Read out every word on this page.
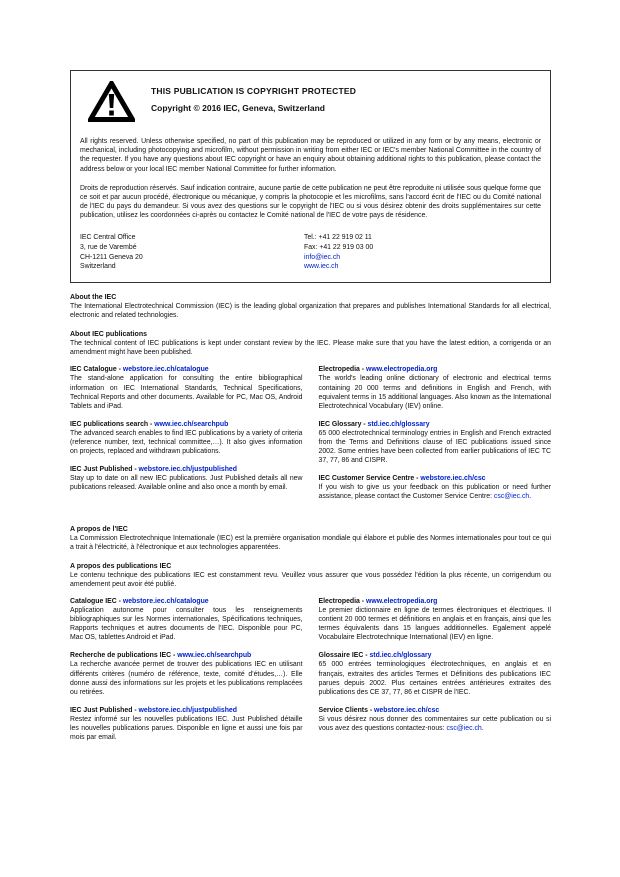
THIS PUBLICATION IS COPYRIGHT PROTECTED
Copyright © 2016 IEC, Geneva, Switzerland

All rights reserved. Unless otherwise specified, no part of this publication may be reproduced or utilized in any form or by any means, electronic or mechanical, including photocopying and microfilm, without permission in writing from either IEC or IEC's member National Committee in the country of the requester. If you have any questions about IEC copyright or have an enquiry about obtaining additional rights to this publication, please contact the address below or your local IEC member National Committee for further information.

Droits de reproduction réservés. Sauf indication contraire, aucune partie de cette publication ne peut être reproduite ni utilisée sous quelque forme que ce soit et par aucun procédé, électronique ou mécanique, y compris la photocopie et les microfilms, sans l'accord écrit de l'IEC ou du Comité national de l'IEC du pays du demandeur. Si vous avez des questions sur le copyright de l'IEC ou si vous désirez obtenir des droits supplémentaires sur cette publication, utilisez les coordonnées ci-après ou contactez le Comité national de l'IEC de votre pays de résidence.

IEC Central Office
3, rue de Varembé
CH-1211 Geneva 20
Switzerland
Tel.: +41 22 919 02 11
Fax: +41 22 919 03 00
info@iec.ch
www.iec.ch
About the IEC
The International Electrotechnical Commission (IEC) is the leading global organization that prepares and publishes International Standards for all electrical, electronic and related technologies.
About IEC publications
The technical content of IEC publications is kept under constant review by the IEC. Please make sure that you have the latest edition, a corrigenda or an amendment might have been published.
IEC Catalogue - webstore.iec.ch/catalogue
The stand-alone application for consulting the entire bibliographical information on IEC International Standards, Technical Specifications, Technical Reports and other documents. Available for PC, Mac OS, Android Tablets and iPad.
IEC publications search - www.iec.ch/searchpub
The advanced search enables to find IEC publications by a variety of criteria (reference number, text, technical committee,…). It also gives information on projects, replaced and withdrawn publications.
IEC Just Published - webstore.iec.ch/justpublished
Stay up to date on all new IEC publications. Just Published details all new publications released. Available online and also once a month by email.
Electropedia - www.electropedia.org
The world's leading online dictionary of electronic and electrical terms containing 20 000 terms and definitions in English and French, with equivalent terms in 15 additional languages. Also known as the International Electrotechnical Vocabulary (IEV) online.
IEC Glossary - std.iec.ch/glossary
65 000 electrotechnical terminology entries in English and French extracted from the Terms and Definitions clause of IEC publications issued since 2002. Some entries have been collected from earlier publications of IEC TC 37, 77, 86 and CISPR.
IEC Customer Service Centre - webstore.iec.ch/csc
If you wish to give us your feedback on this publication or need further assistance, please contact the Customer Service Centre: csc@iec.ch.
A propos de l'IEC
La Commission Electrotechnique Internationale (IEC) est la première organisation mondiale qui élabore et publie des Normes internationales pour tout ce qui a trait à l'électricité, à l'électronique et aux technologies apparentées.
A propos des publications IEC
Le contenu technique des publications IEC est constamment revu. Veuillez vous assurer que vous possédez l'édition la plus récente, un corrigendum ou amendement peut avoir été publié.
Catalogue IEC - webstore.iec.ch/catalogue
Application autonome pour consulter tous les renseignements bibliographiques sur les Normes internationales, Spécifications techniques, Rapports techniques et autres documents de l'IEC. Disponible pour PC, Mac OS, tablettes Android et iPad.
Recherche de publications IEC - www.iec.ch/searchpub
La recherche avancée permet de trouver des publications IEC en utilisant différents critères (numéro de référence, texte, comité d'études,…). Elle donne aussi des informations sur les projets et les publications remplacées ou retirées.
IEC Just Published - webstore.iec.ch/justpublished
Restez informé sur les nouvelles publications IEC. Just Published détaille les nouvelles publications parues. Disponible en ligne et aussi une fois par mois par email.
Electropedia - www.electropedia.org
Le premier dictionnaire en ligne de termes électroniques et électriques. Il contient 20 000 termes et définitions en anglais et en français, ainsi que les termes équivalents dans 15 langues additionnelles. Egalement appelé Vocabulaire Electrotechnique International (IEV) en ligne.
Glossaire IEC - std.iec.ch/glossary
65 000 entrées terminologiques électrotechniques, en anglais et en français, extraites des articles Termes et Définitions des publications IEC parues depuis 2002. Plus certaines entrées antérieures extraites des publications des CE 37, 77, 86 et CISPR de l'IEC.
Service Clients - webstore.iec.ch/csc
Si vous désirez nous donner des commentaires sur cette publication ou si vous avez des questions contactez-nous: csc@iec.ch.
